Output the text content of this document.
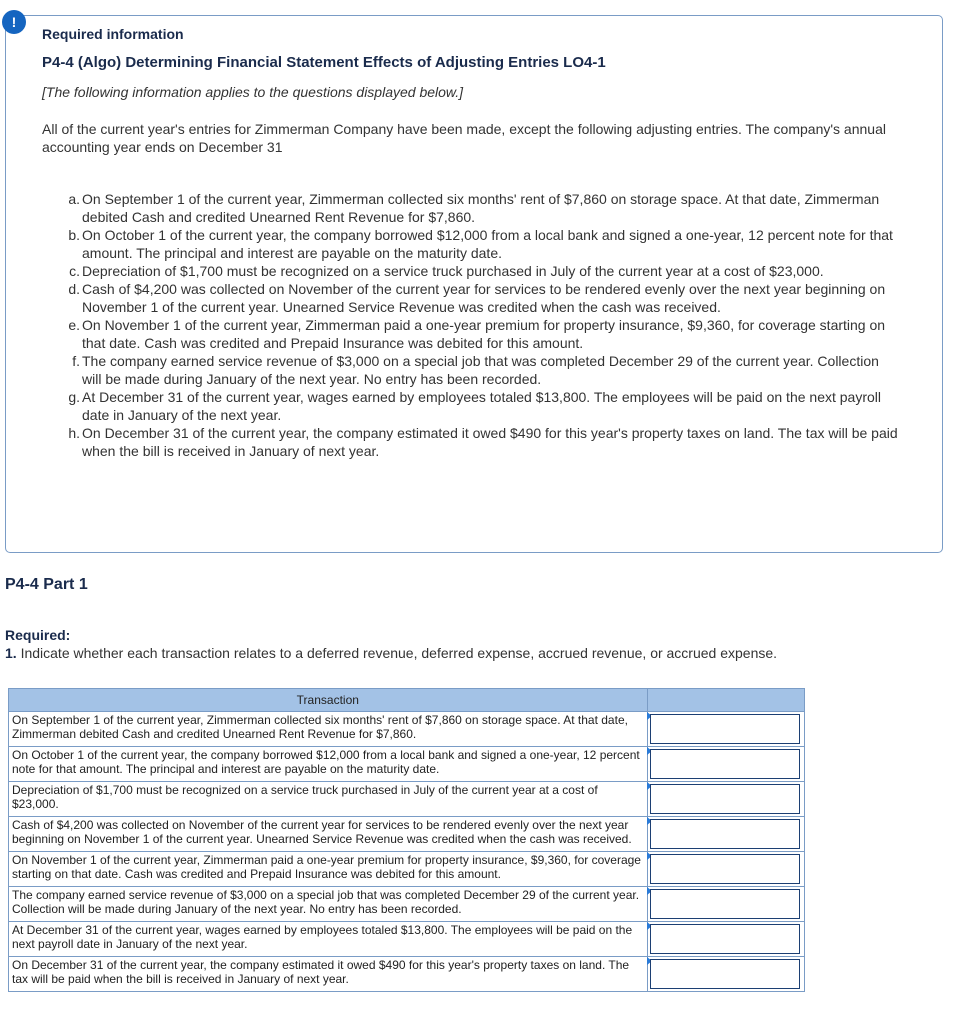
!
Required information
P4-4 (Algo) Determining Financial Statement Effects of Adjusting Entries LO4-1
[The following information applies to the questions displayed below.]
All of the current year's entries for Zimmerman Company have been made, except the following adjusting entries. The company's annual accounting year ends on December 31
a. On September 1 of the current year, Zimmerman collected six months' rent of $7,860 on storage space. At that date, Zimmerman debited Cash and credited Unearned Rent Revenue for $7,860.
b. On October 1 of the current year, the company borrowed $12,000 from a local bank and signed a one-year, 12 percent note for that amount. The principal and interest are payable on the maturity date.
c. Depreciation of $1,700 must be recognized on a service truck purchased in July of the current year at a cost of $23,000.
d. Cash of $4,200 was collected on November of the current year for services to be rendered evenly over the next year beginning on November 1 of the current year. Unearned Service Revenue was credited when the cash was received.
e. On November 1 of the current year, Zimmerman paid a one-year premium for property insurance, $9,360, for coverage starting on that date. Cash was credited and Prepaid Insurance was debited for this amount.
f. The company earned service revenue of $3,000 on a special job that was completed December 29 of the current year. Collection will be made during January of the next year. No entry has been recorded.
g. At December 31 of the current year, wages earned by employees totaled $13,800. The employees will be paid on the next payroll date in January of the next year.
h. On December 31 of the current year, the company estimated it owed $490 for this year's property taxes on land. The tax will be paid when the bill is received in January of next year.
P4-4 Part 1
Required:
1. Indicate whether each transaction relates to a deferred revenue, deferred expense, accrued revenue, or accrued expense.
Transaction	
On September 1 of the current year, Zimmerman collected six months' rent of $7,860 on storage space. At that date, Zimmerman debited Cash and credited Unearned Rent Revenue for $7,860.	

On October 1 of the current year, the company borrowed $12,000 from a local bank and signed a one-year, 12 percent note for that amount. The principal and interest are payable on the maturity date.	

Depreciation of $1,700 must be recognized on a service truck purchased in July of the current year at a cost of $23,000.	

Cash of $4,200 was collected on November of the current year for services to be rendered evenly over the next year beginning on November 1 of the current year. Unearned Service Revenue was credited when the cash was received.	

On November 1 of the current year, Zimmerman paid a one-year premium for property insurance, $9,360, for coverage starting on that date. Cash was credited and Prepaid Insurance was debited for this amount.	

The company earned service revenue of $3,000 on a special job that was completed December 29 of the current year. Collection will be made during January of the next year. No entry has been recorded.	

At December 31 of the current year, wages earned by employees totaled $13,800. The employees will be paid on the next payroll date in January of the next year.	

On December 31 of the current year, the company estimated it owed $490 for this year's property taxes on land. The tax will be paid when the bill is received in January of next year.	
